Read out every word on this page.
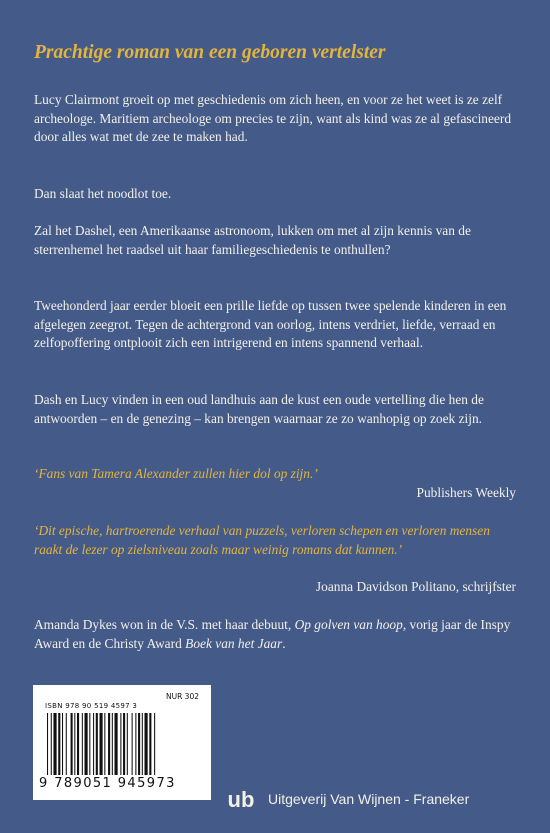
Prachtige roman van een geboren vertelster

Lucy Clairmont groeit op met geschiedenis om zich heen, en voor ze het weet is ze zelf archeologe. Maritiem archeologe om precies te zijn, want als kind was ze al gefascineerd door alles wat met de zee te maken had.

Dan slaat het noodlot toe.

Zal het Dashel, een Amerikaanse astronoom, lukken om met al zijn kennis van de sterrenhemel het raadsel uit haar familiegeschiedenis te onthullen?

Tweehonderd jaar eerder bloeit een prille liefde op tussen twee spelende kinderen in een afgelegen zeegrot. Tegen de achtergrond van oorlog, intens verdriet, liefde, verraad en zelfopoffering ontplooit zich een intrigerend en intens spannend verhaal.

Dash en Lucy vinden in een oud landhuis aan de kust een oude vertelling die hen de antwoorden – en de genezing – kan brengen waarnaar ze zo wanhopig op zoek zijn.

‘Fans van Tamera Alexander zullen hier dol op zijn.’

Publishers Weekly

‘Dit epische, hartroerende verhaal van puzzels, verloren schepen en verloren mensen raakt de lezer op zielsniveau zoals maar weinig romans dat kunnen.’

Joanna Davidson Politano, schrijfster

Amanda Dykes won in de V.S. met haar debuut, Op golven van hoop, vorig jaar de Inspy Award en de Christy Award Boek van het Jaar.

NUR 302
ISBN 978 90 519 4597 3
9 789051 945973
ub Uitgeverij Van Wijnen - Franeker
